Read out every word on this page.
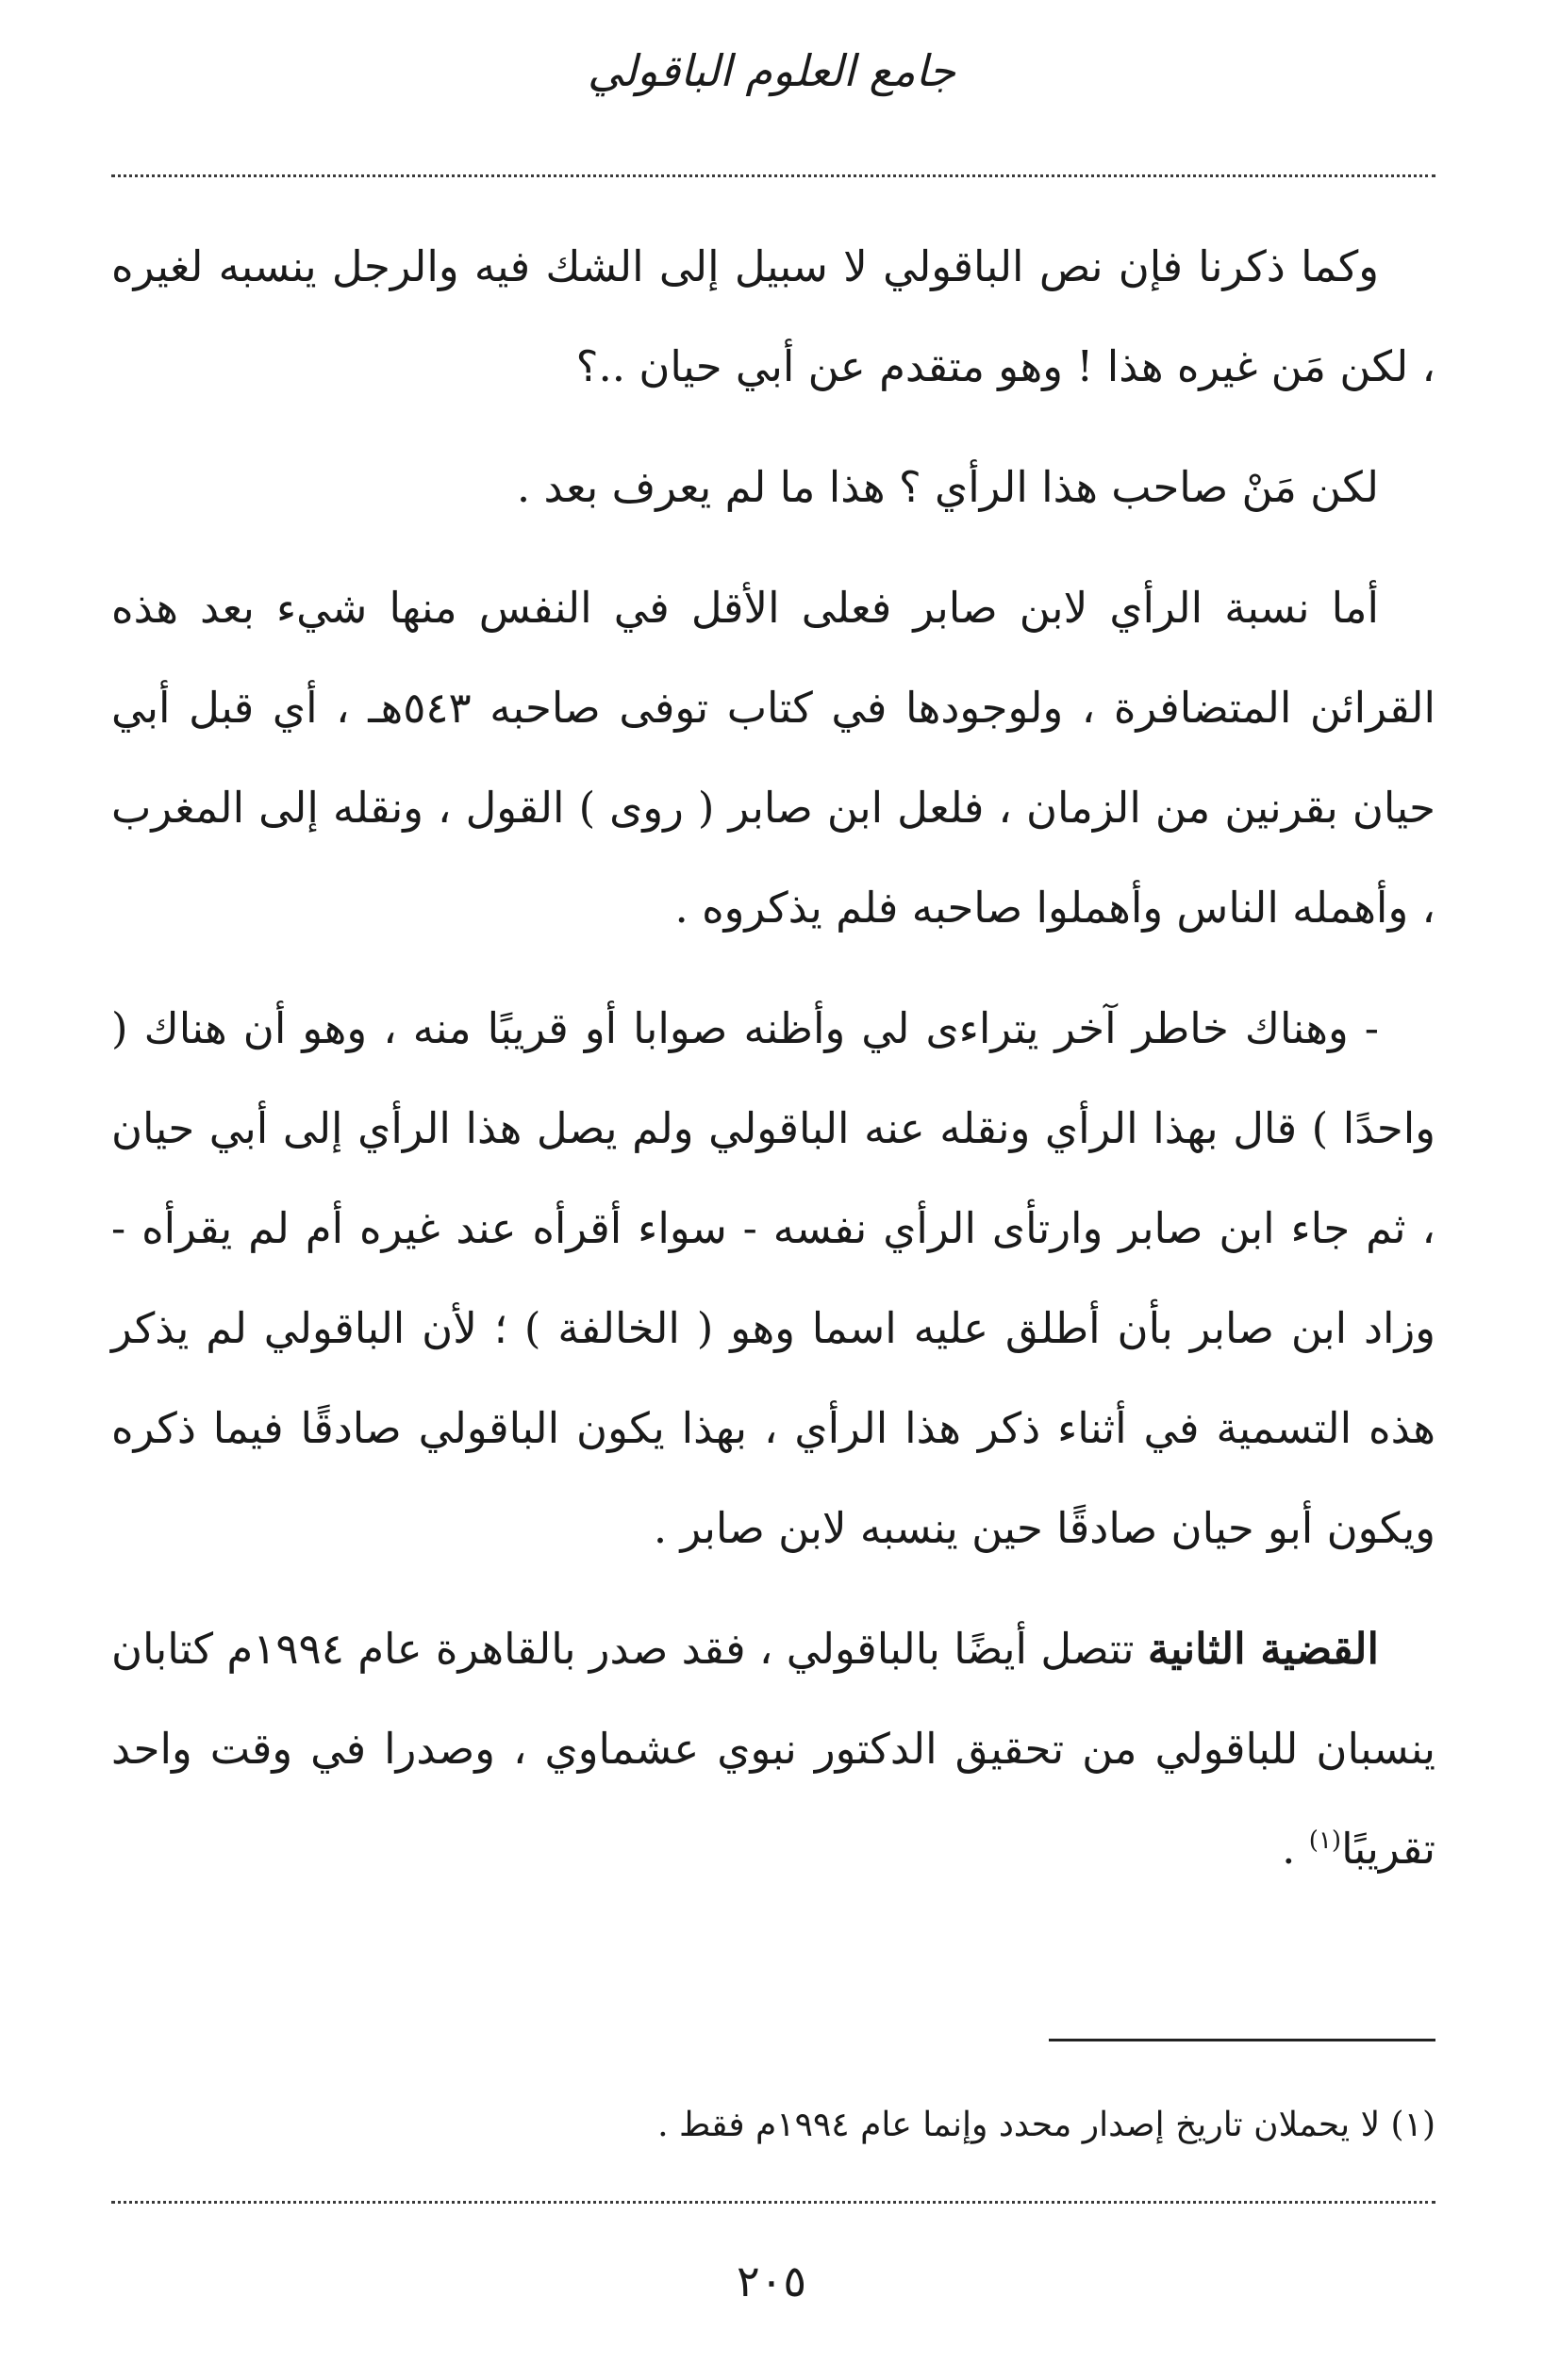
جامع العلوم الباقولي

وكما ذكرنا فإن نص الباقولي لا سبيل إلى الشك فيه والرجل ينسبه لغيره ، لكن مَن غيره هذا ! وهو متقدم عن أبي حيان ..؟

لكن مَنْ صاحب هذا الرأي ؟ هذا ما لم يعرف بعد .

أما نسبة الرأي لابن صابر فعلى الأقل في النفس منها شيء بعد هذه القرائن المتضافرة ، ولوجودها في كتاب توفى صاحبه ٥٤٣هـ ، أي قبل أبي حيان بقرنين من الزمان ، فلعل ابن صابر ( روى ) القول ، ونقله إلى المغرب ، وأهمله الناس وأهملوا صاحبه فلم يذكروه .

- وهناك خاطر آخر يتراءى لي وأظنه صوابا أو قريبًا منه ، وهو أن هناك ( واحدًا ) قال بهذا الرأي ونقله عنه الباقولي ولم يصل هذا الرأي إلى أبي حيان ، ثم جاء ابن صابر وارتأى الرأي نفسه - سواء أقرأه عند غيره أم لم يقرأه - وزاد ابن صابر بأن أطلق عليه اسما وهو ( الخالفة ) ؛ لأن الباقولي لم يذكر هذه التسمية في أثناء ذكر هذا الرأي ، بهذا يكون الباقولي صادقًا فيما ذكره ويكون أبو حيان صادقًا حين ينسبه لابن صابر .

القضية الثانية تتصل أيضًا بالباقولي ، فقد صدر بالقاهرة عام ١٩٩٤م كتابان ينسبان للباقولي من تحقيق الدكتور نبوي عشماوي ، وصدرا في وقت واحد تقريبًا$^{(١)}$ .

(١) لا يحملان تاريخ إصدار محدد وإنما عام ١٩٩٤م فقط .
٢٠٥
